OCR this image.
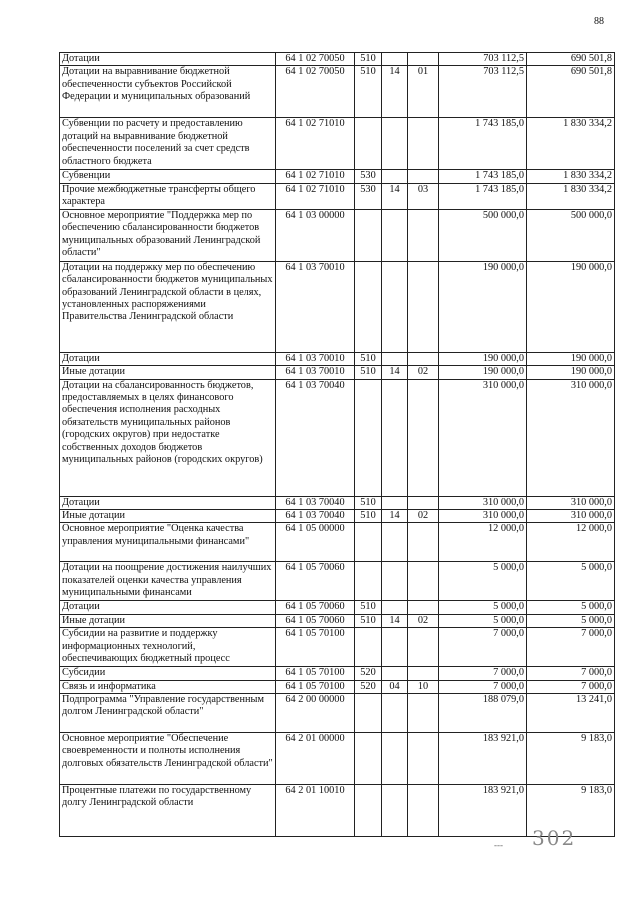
88
Дотации	64 1 02 70050	510			703 112,5	690 501,8
Дотации на выравнивание бюджетной обеспеченности субъектов Российской Федерации и муниципальных образований	64 1 02 70050	510	14	01	703 112,5	690 501,8
Субвенции по расчету и предоставлению дотаций на выравнивание бюджетной обеспеченности поселений за счет средств областного бюджета	64 1 02 71010				1 743 185,0	1 830 334,2
Субвенции	64 1 02 71010	530			1 743 185,0	1 830 334,2
Прочие межбюджетные трансферты общего характера	64 1 02 71010	530	14	03	1 743 185,0	1 830 334,2
Основное мероприятие "Поддержка мер по обеспечению сбалансированности бюджетов муниципальных образований Ленинградской области"	64 1 03 00000				500 000,0	500 000,0
Дотации на поддержку мер по обеспечению сбалансированности бюджетов муниципальных образований Ленинградской области в целях, установленных распоряжениями Правительства Ленинградской области	64 1 03 70010				190 000,0	190 000,0
Дотации	64 1 03 70010	510			190 000,0	190 000,0
Иные дотации	64 1 03 70010	510	14	02	190 000,0	190 000,0
Дотации на сбалансированность бюджетов, предоставляемых в целях финансового обеспечения исполнения расходных обязательств муниципальных районов (городских округов) при недостатке собственных доходов бюджетов муниципальных районов (городских округов)	64 1 03 70040				310 000,0	310 000,0
Дотации	64 1 03 70040	510			310 000,0	310 000,0
Иные дотации	64 1 03 70040	510	14	02	310 000,0	310 000,0
Основное мероприятие "Оценка качества управления муниципальными финансами"	64 1 05 00000				12 000,0	12 000,0
Дотации на поощрение достижения наилучших показателей оценки качества управления муниципальными финансами	64 1 05 70060				5 000,0	5 000,0
Дотации	64 1 05 70060	510			5 000,0	5 000,0
Иные дотации	64 1 05 70060	510	14	02	5 000,0	5 000,0
Субсидии на развитие и поддержку информационных технологий, обеспечивающих бюджетный процесс	64 1 05 70100				7 000,0	7 000,0
Субсидии	64 1 05 70100	520			7 000,0	7 000,0
Связь и информатика	64 1 05 70100	520	04	10	7 000,0	7 000,0
Подпрограмма "Управление государственным долгом Ленинградской области"	64 2 00 00000				188 079,0	13 241,0
Основное мероприятие "Обеспечение своевременности и полноты исполнения долговых обязательств Ленинградской области"	64 2 01 00000				183 921,0	9 183,0
Процентные платежи по государственному долгу Ленинградской области	64 2 01 10010				183 921,0	9 183,0
302
---
